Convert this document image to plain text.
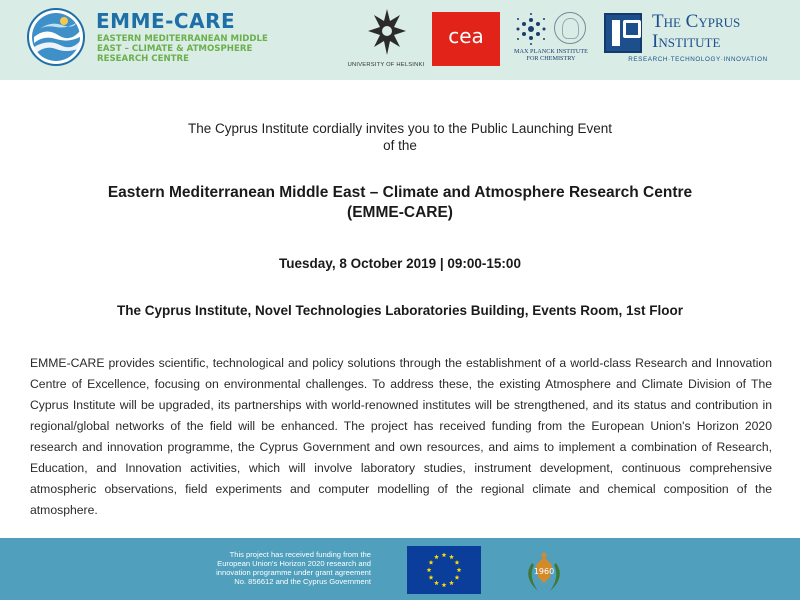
EMME-CARE
EASTERN MEDITERRANEAN MIDDLE EAST – CLIMATE & ATMOSPHERE RESEARCH CENTRE
UNIVERSITY OF HELSINKI
cea
MAX PLANCK INSTITUTE
FOR CHEMISTRY
The Cyprus
Institute
RESEARCH·TECHNOLOGY·INNOVATION
The Cyprus Institute cordially invites you to the Public Launching Event
of the
Eastern Mediterranean Middle East – Climate and Atmosphere Research Centre
(EMME-CARE)
Tuesday, 8 October 2019 | 09:00-15:00
The Cyprus Institute, Novel Technologies Laboratories Building, Events Room, 1st Floor

EMME-CARE provides scientific, technological and policy solutions through the establishment of a world-class Research and Innovation Centre of Excellence, focusing on environmental challenges. To address these, the existing Atmosphere and Climate Division of The Cyprus Institute will be upgraded, its partnerships with world-renowned institutes will be strengthened, and its status and contribution in regional/global networks of the field will be enhanced. The project has received funding from the European Union's Horizon 2020 research and innovation programme, the Cyprus Government and own resources, and aims to implement a combination of Research, Education, and Innovation activities, which will involve laboratory studies, instrument development, continuous comprehensive atmospheric observations, field experiments and computer modelling of the regional climate and chemical composition of the atmosphere.

This project has received funding from the
European Union's Horizon 2020 research and
innovation programme under grant agreement
No. 856612 and the Cyprus Government
1960
